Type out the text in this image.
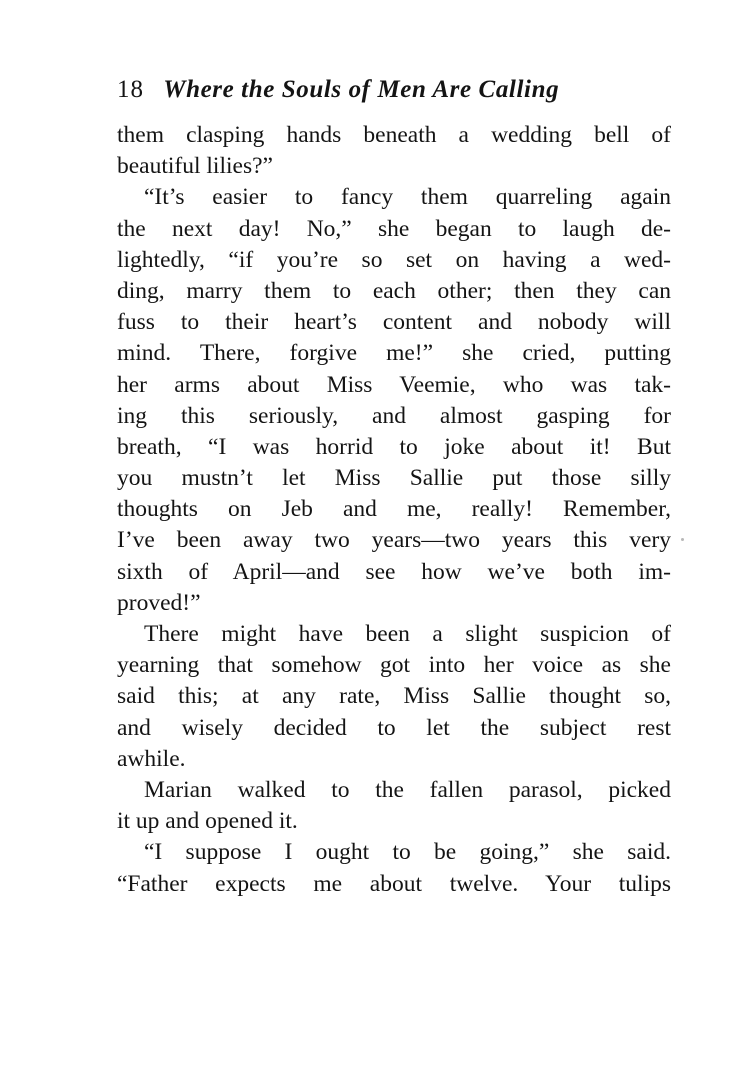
18 Where the Souls of Men Are Calling
them clasping hands beneath a wedding bell of
beautiful lilies?”
“It’s easier to fancy them quarreling again
the next day! No,” she began to laugh de-
lightedly, “if you’re so set on having a wed-
ding, marry them to each other; then they can
fuss to their heart’s content and nobody will
mind. There, forgive me!” she cried, putting
her arms about Miss Veemie, who was tak-
ing this seriously, and almost gasping for
breath, “I was horrid to joke about it! But
you mustn’t let Miss Sallie put those silly
thoughts on Jeb and me, really! Remember,
I’ve been away two years—two years this very
sixth of April—and see how we’ve both im-
proved!”
There might have been a slight suspicion of
yearning that somehow got into her voice as she
said this; at any rate, Miss Sallie thought so,
and wisely decided to let the subject rest
awhile.
Marian walked to the fallen parasol, picked
it up and opened it.
“I suppose I ought to be going,” she said.
“Father expects me about twelve. Your tulips
